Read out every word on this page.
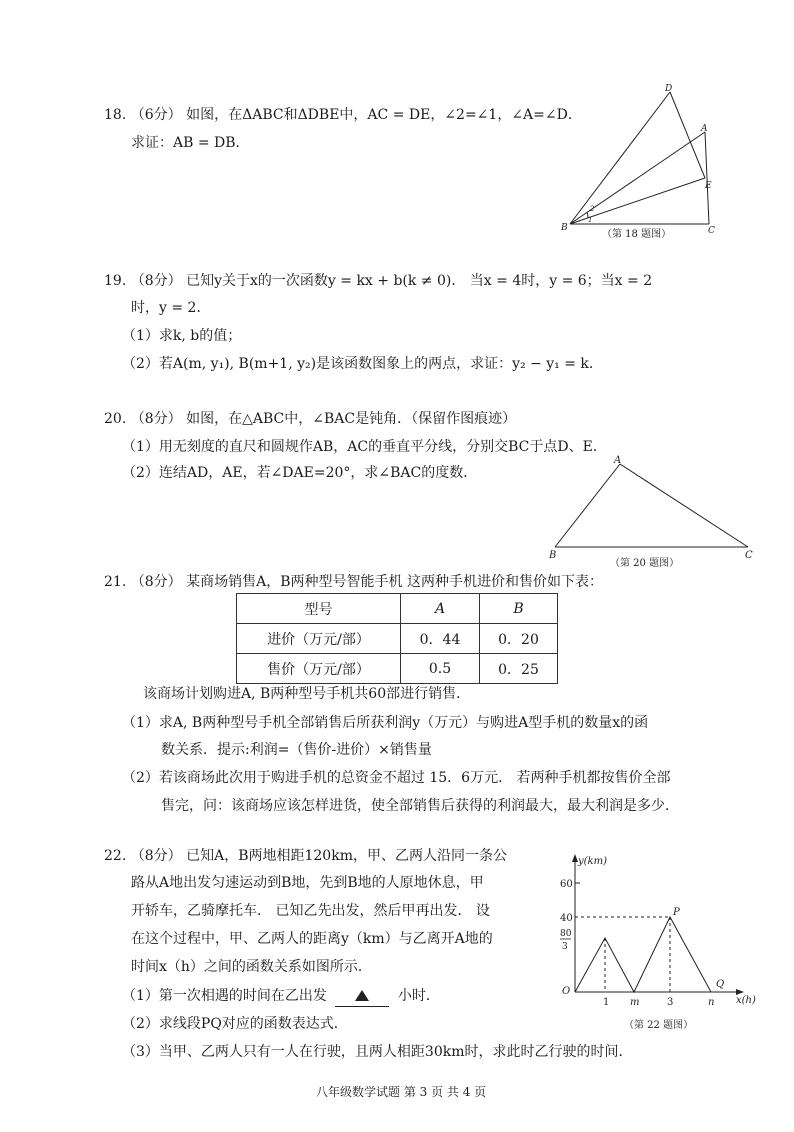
18. （6分） 如图，在ΔABC和ΔDBE中，AC = DE，∠2=∠1，∠A=∠D．
求证：AB = DB．
D
A
E
B	C
1
2
（第 18 题图）
19. （8分） 已知y关于x的一次函数y = kx + b(k ≠ 0)． 当x = 4时，y = 6；当x = 2
时，y = 2．
（1）求k, b的值；
（2）若A(m, y₁), B(m+1, y₂)是该函数图象上的两点，求证：y₂ − y₁ = k．
20. （8分） 如图，在△ABC中，∠BAC是钝角．（保留作图痕迹）
（1）用无刻度的直尺和圆规作AB，AC的垂直平分线，分别交BC于点D、E．
（2）连结AD，AE，若∠DAE=20°，求∠BAC的度数．
A
B	C
（第 20 题图）
21. （8分） 某商场销售A，B两种型号智能手机 这两种手机进价和售价如下表：
型号	A	B
进价（万元/部）	0．44	0．20
售价（万元/部）	0.5	0．25
该商场计划购进A, B两种型号手机共60部进行销售．
（1）求A, B两种型号手机全部销售后所获利润y（万元）与购进A型手机的数量x的函
数关系．提示:利润=（售价-进价）×销售量
（2）若该商场此次用于购进手机的总资金不超过 15．6万元． 若两种手机都按售价全部
售完，问：该商场应该怎样进货，使全部销售后获得的利润最大，最大利润是多少．
22. （8分） 已知A，B两地相距120km，甲、乙两人沿同一条公
路从A地出发匀速运动到B地，先到B地的人原地休息，甲
开轿车，乙骑摩托车． 已知乙先出发，然后甲再出发． 设
在这个过程中，甲、乙两人的距离y（km）与乙离开A地的
时间x（h）之间的函数关系如图所示．
（1）第一次相遇的时间在乙出发	小时．
（2）求线段PQ对应的函数表达式．
（3）当甲、乙两人只有一人在行驶，且两人相距30km时，求此时乙行驶的时间．
y(km)
x(h)
60
40
80
3
O
1 m	3	n
P
Q
（第 22 题图）
八年级数学试题 第 3 页 共 4 页
